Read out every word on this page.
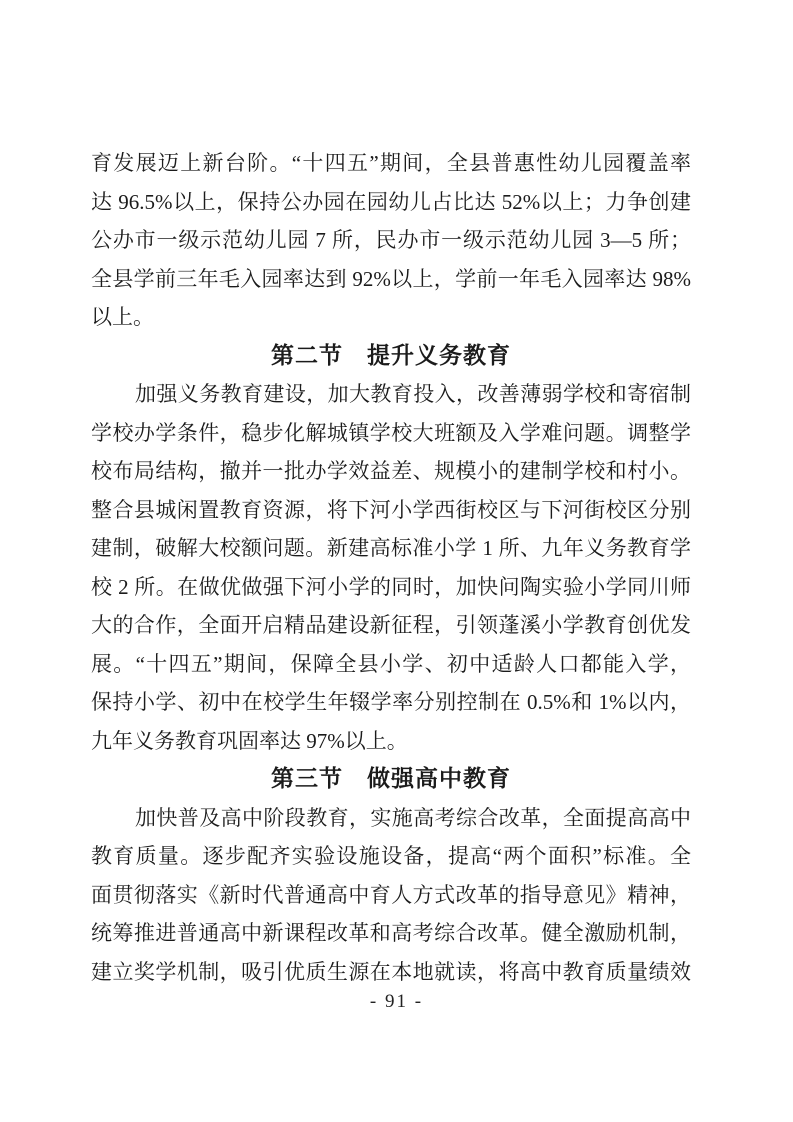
育发展迈上新台阶。“十四五”期间，全县普惠性幼儿园覆盖率
达 96.5%以上，保持公办园在园幼儿占比达 52%以上；力争创建
公办市一级示范幼儿园 7 所，民办市一级示范幼儿园 3—5 所；
全县学前三年毛入园率达到 92%以上，学前一年毛入园率达 98%
以上。
第二节　提升义务教育
加强义务教育建设，加大教育投入，改善薄弱学校和寄宿制
学校办学条件，稳步化解城镇学校大班额及入学难问题。调整学
校布局结构，撤并一批办学效益差、规模小的建制学校和村小。
整合县城闲置教育资源，将下河小学西街校区与下河街校区分别
建制，破解大校额问题。新建高标准小学 1 所、九年义务教育学
校 2 所。在做优做强下河小学的同时，加快问陶实验小学同川师
大的合作，全面开启精品建设新征程，引领蓬溪小学教育创优发
展。“十四五”期间，保障全县小学、初中适龄人口都能入学，
保持小学、初中在校学生年辍学率分别控制在 0.5%和 1%以内，
九年义务教育巩固率达 97%以上。
第三节　做强高中教育
加快普及高中阶段教育，实施高考综合改革，全面提高高中
教育质量。逐步配齐实验设施设备，提高“两个面积”标准。全
面贯彻落实《新时代普通高中育人方式改革的指导意见》精神，
统筹推进普通高中新课程改革和高考综合改革。健全激励机制，
建立奖学机制，吸引优质生源在本地就读，将高中教育质量绩效
- 91 -
